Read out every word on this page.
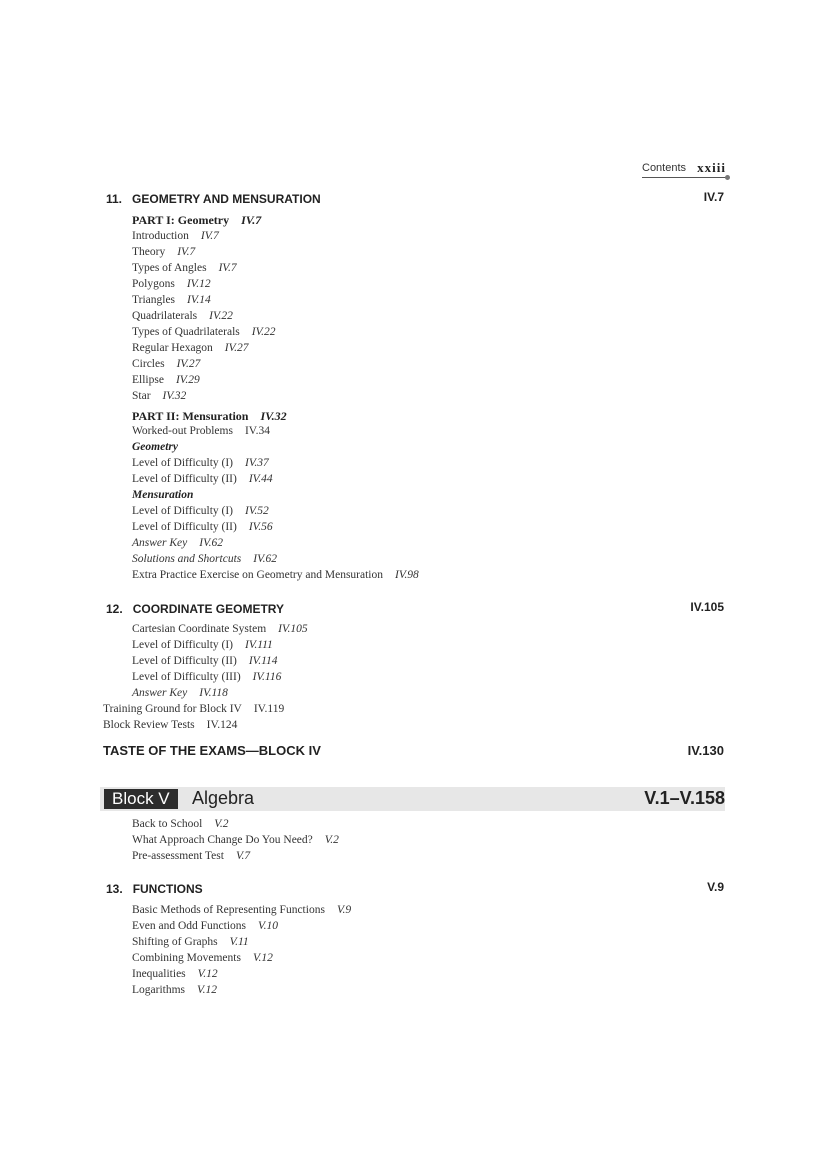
Contents xxiii
11. GEOMETRY AND MENSURATION	IV.7
PART I: Geometry IV.7
Introduction IV.7
Theory IV.7
Types of Angles IV.7
Polygons IV.12
Triangles IV.14
Quadrilaterals IV.22
Types of Quadrilaterals IV.22
Regular Hexagon IV.27
Circles IV.27
Ellipse IV.29
Star IV.32
PART II: Mensuration IV.32
Worked-out Problems IV.34
Geometry
Level of Difficulty (I) IV.37
Level of Difficulty (II) IV.44
Mensuration
Level of Difficulty (I) IV.52
Level of Difficulty (II) IV.56
Answer Key IV.62
Solutions and Shortcuts IV.62
Extra Practice Exercise on Geometry and Mensuration IV.98
12. COORDINATE GEOMETRY	IV.105
Cartesian Coordinate System IV.105
Level of Difficulty (I) IV.111
Level of Difficulty (II) IV.114
Level of Difficulty (III) IV.116
Answer Key IV.118
Training Ground for Block IV IV.119
Block Review Tests IV.124
TASTE OF THE EXAMS—BLOCK IV	IV.130
Block V	Algebra	V.1–V.158
Back to School V.2
What Approach Change Do You Need? V.2
Pre-assessment Test V.7
13. FUNCTIONS	V.9
Basic Methods of Representing Functions V.9
Even and Odd Functions V.10
Shifting of Graphs V.11
Combining Movements V.12
Inequalities V.12
Logarithms V.12
